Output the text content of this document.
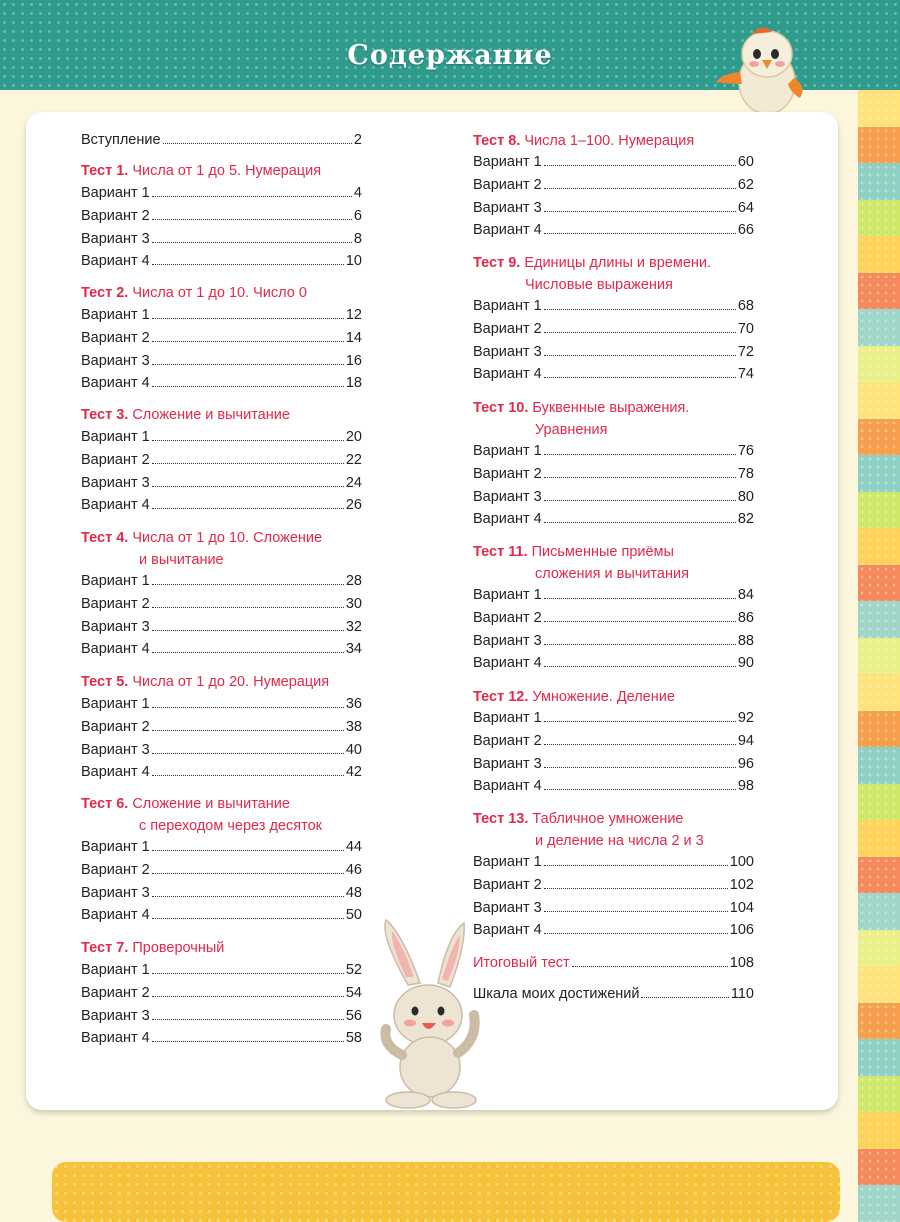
Содержание
Вступление	2
Тест 1. Числа от 1 до 5. Нумерация
Вариант 1	4
Вариант 2	6
Вариант 3	8
Вариант 4	10
Тест 2. Числа от 1 до 10. Число 0
Вариант 1	12
Вариант 2	14
Вариант 3	16
Вариант 4	18
Тест 3. Сложение и вычитание
Вариант 1	20
Вариант 2	22
Вариант 3	24
Вариант 4	26
Тест 4. Числа от 1 до 10. Сложение
и вычитание
Вариант 1	28
Вариант 2	30
Вариант 3	32
Вариант 4	34
Тест 5. Числа от 1 до 20. Нумерация
Вариант 1	36
Вариант 2	38
Вариант 3	40
Вариант 4	42
Тест 6. Сложение и вычитание
с переходом через десяток
Вариант 1	44
Вариант 2	46
Вариант 3	48
Вариант 4	50
Тест 7. Проверочный
Вариант 1	52
Вариант 2	54
Вариант 3	56
Вариант 4	58
Тест 8. Числа 1–100. Нумерация
Вариант 1	60
Вариант 2	62
Вариант 3	64
Вариант 4	66
Тест 9. Единицы длины и времени.
Числовые выражения
Вариант 1	68
Вариант 2	70
Вариант 3	72
Вариант 4	74
Тест 10. Буквенные выражения.
Уравнения
Вариант 1	76
Вариант 2	78
Вариант 3	80
Вариант 4	82
Тест 11. Письменные приёмы
сложения и вычитания
Вариант 1	84
Вариант 2	86
Вариант 3	88
Вариант 4	90
Тест 12. Умножение. Деление
Вариант 1	92
Вариант 2	94
Вариант 3	96
Вариант 4	98
Тест 13. Табличное умножение
и деление на числа 2 и 3
Вариант 1	100
Вариант 2	102
Вариант 3	104
Вариант 4	106
Итоговый тест	108
Шкала моих достижений	110
